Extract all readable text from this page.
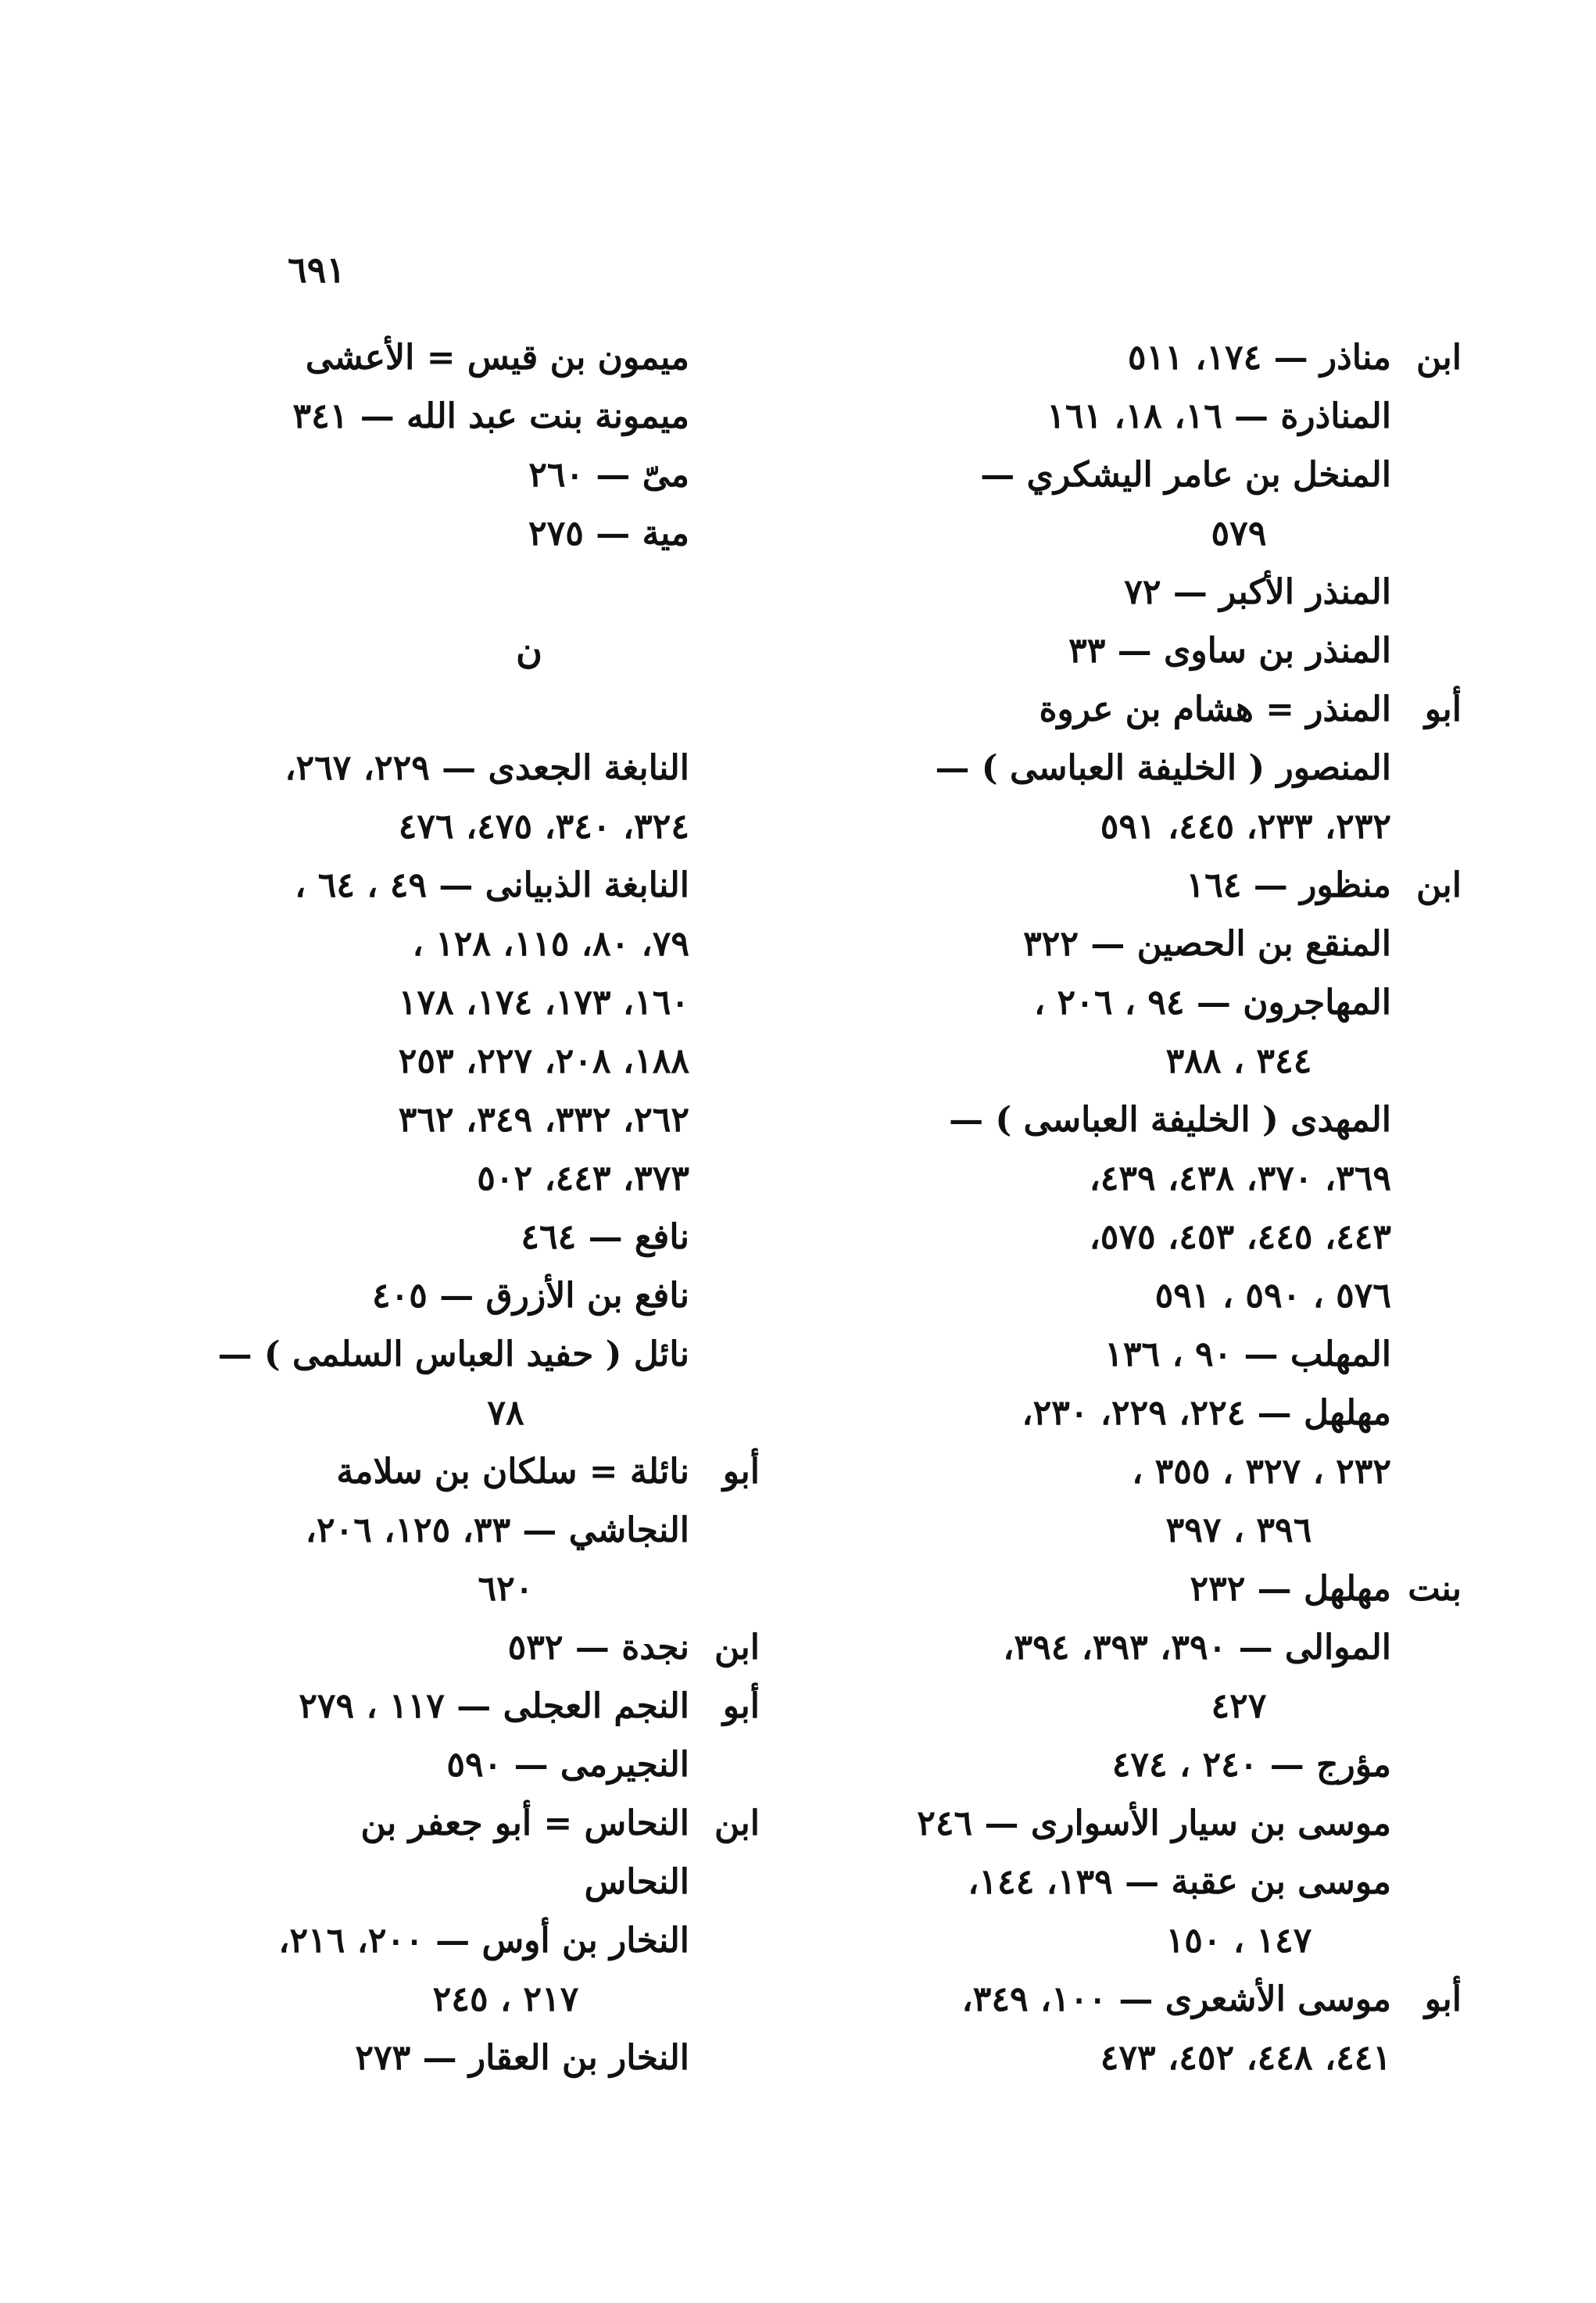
٦٩١
ابن
مناذر — ١٧٤، ٥١١
المناذرة — ١٦، ١٨، ١٦١
المنخل بن عامر اليشكري —
٥٧٩
المنذر الأكبر — ٧٢
المنذر بن ساوى — ٣٣
أبو
المنذر = هشام بن عروة
المنصور ( الخليفة العباسى ) —
٢٣٢، ٢٣٣، ٤٤٥، ٥٩١
ابن
منظور — ١٦٤
المنقع بن الحصين — ٣٢٢
المهاجرون — ٩٤ ، ٢٠٦ ،
٣٤٤ ، ٣٨٨
المهدى ( الخليفة العباسى ) —
٣٦٩، ٣٧٠، ٤٣٨، ٤٣٩،
٤٤٣، ٤٤٥، ٤٥٣، ٥٧٥،
٥٧٦ ، ٥٩٠ ، ٥٩١
المهلب — ٩٠ ، ١٣٦
مهلهل — ٢٢٤، ٢٢٩، ٢٣٠،
٢٣٢ ، ٣٢٧ ، ٣٥٥ ،
٣٩٦ ، ٣٩٧
بنت
مهلهل — ٢٣٢
الموالى — ٣٩٠، ٣٩٣، ٣٩٤،
٤٢٧
مؤرج — ٢٤٠ ، ٤٧٤
موسى بن سيار الأسوارى — ٢٤٦
موسى بن عقبة — ١٣٩، ١٤٤،
١٤٧ ، ١٥٠
أبو
موسى الأشعرى — ١٠٠، ٣٤٩،
٤٤١، ٤٤٨، ٤٥٢، ٤٧٣
ميمون بن قيس = الأعشى
ميمونة بنت عبد الله — ٣٤١
مىّ — ٢٦٠
مية — ٢٧٥
ن
النابغة الجعدى — ٢٢٩، ٢٦٧،
٣٢٤، ٣٤٠، ٤٧٥، ٤٧٦
النابغة الذبيانى — ٤٩ ، ٦٤ ،
٧٩، ٨٠، ١١٥، ١٢٨ ،
١٦٠، ١٧٣، ١٧٤، ١٧٨
١٨٨، ٢٠٨، ٢٢٧، ٢٥٣
٢٦٢، ٣٣٢، ٣٤٩، ٣٦٢
٣٧٣، ٤٤٣، ٥٠٢
نافع — ٤٦٤
نافع بن الأزرق — ٤٠٥
نائل ( حفيد العباس السلمى ) —
٧٨
أبو
نائلة = سلكان بن سلامة
النجاشي — ٣٣، ١٢٥، ٢٠٦،
٦٢٠
ابن
نجدة — ٥٣٢
أبو
النجم العجلى — ١١٧ ، ٢٧٩
النجيرمى — ٥٩٠
ابن
النحاس = أبو جعفر بن
النحاس
النخار بن أوس — ٢٠٠، ٢١٦،
٢١٧ ، ٢٤٥
النخار بن العقار — ٢٧٣
